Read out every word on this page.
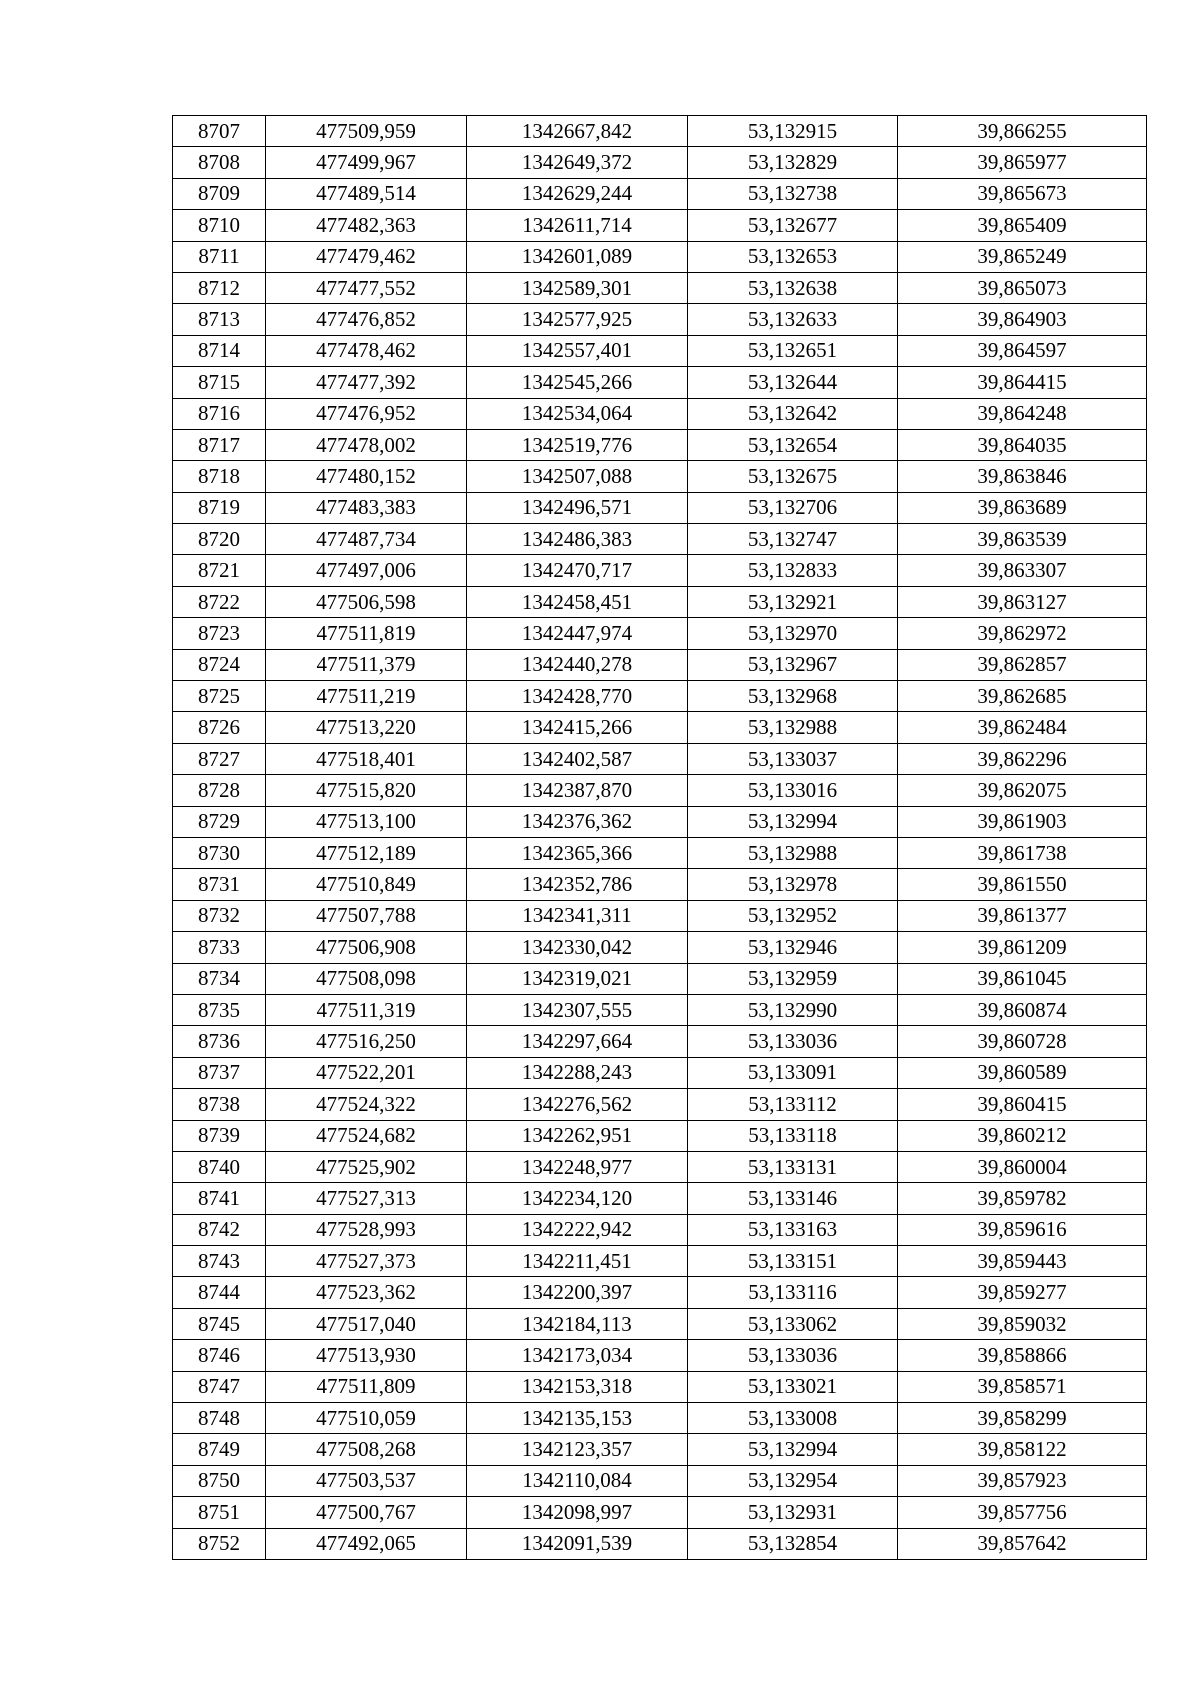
8707	477509,959	1342667,842	53,132915	39,866255
8708	477499,967	1342649,372	53,132829	39,865977
8709	477489,514	1342629,244	53,132738	39,865673
8710	477482,363	1342611,714	53,132677	39,865409
8711	477479,462	1342601,089	53,132653	39,865249
8712	477477,552	1342589,301	53,132638	39,865073
8713	477476,852	1342577,925	53,132633	39,864903
8714	477478,462	1342557,401	53,132651	39,864597
8715	477477,392	1342545,266	53,132644	39,864415
8716	477476,952	1342534,064	53,132642	39,864248
8717	477478,002	1342519,776	53,132654	39,864035
8718	477480,152	1342507,088	53,132675	39,863846
8719	477483,383	1342496,571	53,132706	39,863689
8720	477487,734	1342486,383	53,132747	39,863539
8721	477497,006	1342470,717	53,132833	39,863307
8722	477506,598	1342458,451	53,132921	39,863127
8723	477511,819	1342447,974	53,132970	39,862972
8724	477511,379	1342440,278	53,132967	39,862857
8725	477511,219	1342428,770	53,132968	39,862685
8726	477513,220	1342415,266	53,132988	39,862484
8727	477518,401	1342402,587	53,133037	39,862296
8728	477515,820	1342387,870	53,133016	39,862075
8729	477513,100	1342376,362	53,132994	39,861903
8730	477512,189	1342365,366	53,132988	39,861738
8731	477510,849	1342352,786	53,132978	39,861550
8732	477507,788	1342341,311	53,132952	39,861377
8733	477506,908	1342330,042	53,132946	39,861209
8734	477508,098	1342319,021	53,132959	39,861045
8735	477511,319	1342307,555	53,132990	39,860874
8736	477516,250	1342297,664	53,133036	39,860728
8737	477522,201	1342288,243	53,133091	39,860589
8738	477524,322	1342276,562	53,133112	39,860415
8739	477524,682	1342262,951	53,133118	39,860212
8740	477525,902	1342248,977	53,133131	39,860004
8741	477527,313	1342234,120	53,133146	39,859782
8742	477528,993	1342222,942	53,133163	39,859616
8743	477527,373	1342211,451	53,133151	39,859443
8744	477523,362	1342200,397	53,133116	39,859277
8745	477517,040	1342184,113	53,133062	39,859032
8746	477513,930	1342173,034	53,133036	39,858866
8747	477511,809	1342153,318	53,133021	39,858571
8748	477510,059	1342135,153	53,133008	39,858299
8749	477508,268	1342123,357	53,132994	39,858122
8750	477503,537	1342110,084	53,132954	39,857923
8751	477500,767	1342098,997	53,132931	39,857756
8752	477492,065	1342091,539	53,132854	39,857642
